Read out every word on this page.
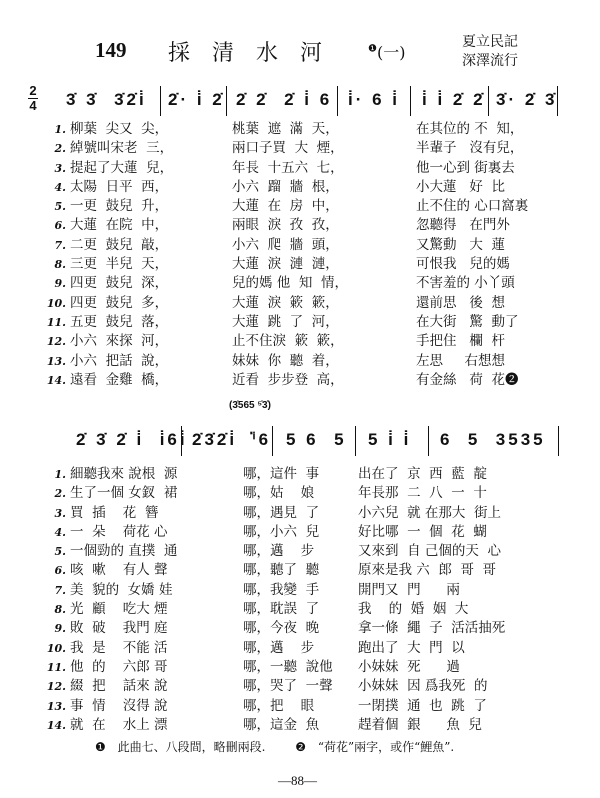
149 採清水河 $^❶$(一)
夏立民記
深澤流行
2
4 3̇ 3̇  3̇2̇i̇ 2̇· i̇ 2̇ 2̇ 2̇  2̇ i̇ 6 i̇· 6 i̇ i̇ i̇ 2̇ 2̇ 3̇· 2̇ 3̇
1. 柳葉  尖又  尖，	桃葉  遮  滿  天，	在其位的 不  知，
2. 綽號叫宋老  三，	兩口子買  大  煙，	半輩子   沒有兒，
3. 提起了大蓮  兒，	年長  十五六  七，	他一心到 街裏去
4. 太陽  日平  西，	小六  蹓  牆  根，	小大蓮   好  比
5. 一更  鼓兒  升，	大蓮  在  房  中，	止不住的 心口窩裏
6. 大蓮  在院  中，	兩眼  淚  孜  孜，	忽聽得   在門外
7. 二更  鼓兒  敲，	小六  爬  牆  頭，	又驚動   大  蓮
8. 三更  半兒  天，	大蓮  淚  漣  漣，	可恨我   兒的媽
9. 四更  鼓兒  深，	兒的媽 他  知  情，	不害羞的 小丫頭
10. 四更  鼓兒  多，	大蓮  淚  簌  簌，	還前思   後  想
11. 五更  鼓兒  落，	大蓮  跳  了  河，	在大街   驚  動了
12. 小六  來探  河，	止不住淚  簌  簌，	手把住   欄  杆
13. 小六  把話  說，	妹妹  你  聽  着，	左思     右想想
14. 遠看  金雞  橋，	近看  步步登  高，	有金絲   荷  花❷
(3̇565 ⁵̇3̇)
2̇ 3̇ 2̇ i̇  i̇6i̇ 2̇3̇2̇i̇  ⁱ̇6 5 6  5 5 i̇ i̇ 6  5  3535
1. 細聽我來 說根  源	哪，這件  事	出在了  京  西  藍  靛
2. 生了一個 女釵  裙	哪，姑    娘	年長那  二  八  一  十
3. 買  插    花  簪	哪，遇見  了	小六兒  就 在那大  街上
4. 一  朵    荷花 心	哪，小六  兒	好比哪  一  個  花  蝴
5. 一個勁的 直撲  通	哪，邁    步	又來到  自 己個的天  心
6. 咳  嗽    有人 聲	哪，聽了  聽	原來是我 六  郎  哥  哥
7. 美  貌的  女嬌 娃	哪，我變  手	開門又  門      兩
8. 光  顧    吃大 煙	哪，耽誤  了	我    的  婚  姻  大
9. 敗  破    我門 庭	哪，今夜  晚	拿一條  繩  子  活活抽死
10. 我  是    不能 活	哪，邁    步	跑出了  大  門  以
11. 他  的    六郎 哥	哪，一聽  說他 小妹妹  死      過
12. 綴  把    話來 說	哪，哭了  一聲 小妹妹  因 爲我死  的
13. 事  情    沒得 說	哪，把    眼	一閉撲  通  也  跳  了
14. 就  在    水上 漂	哪，這金  魚	趕着個  銀      魚  兒
❶ 此曲七、八段間，略刪兩段. ❷ “荷花”兩字，或作“鯉魚”.
—88—
